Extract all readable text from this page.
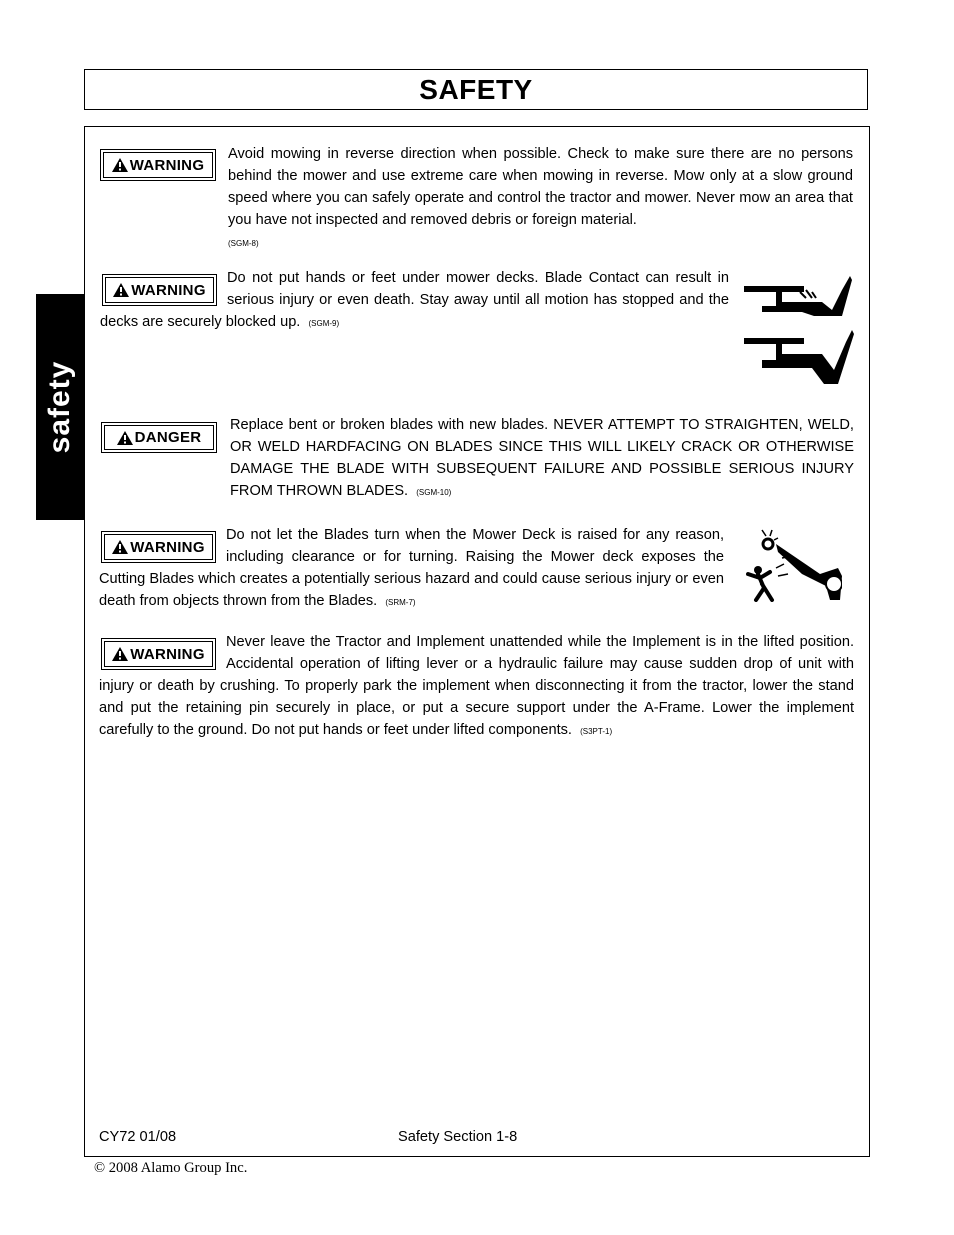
SAFETY
safety
WARNING
Avoid mowing in reverse direction when possible. Check to make sure there are no persons behind the mower and use extreme care when mowing in reverse. Mow only at a slow ground speed where you can safely operate and control the tractor and mower. Never mow an area that you have not inspected and removed debris or foreign material.
(SGM-8)
WARNING
Do not put hands or feet under mower decks. Blade Contact can result in serious injury or even death. Stay away until all motion has stopped and the decks are securely blocked up. (SGM-9)
DANGER
Replace bent or broken blades with new blades. NEVER ATTEMPT TO STRAIGHTEN, WELD, OR WELD HARDFACING ON BLADES SINCE THIS WILL LIKELY CRACK OR OTHERWISE DAMAGE THE BLADE WITH SUBSEQUENT FAILURE AND POSSIBLE SERIOUS INJURY FROM THROWN BLADES. (SGM-10)
WARNING
Do not let the Blades turn when the Mower Deck is raised for any reason, including clearance or for turning. Raising the Mower deck exposes the Cutting Blades which creates a potentially serious hazard and could cause serious injury or even death from objects thrown from the Blades. (SRM-7)
WARNING
Never leave the Tractor and Implement unattended while the Implement is in the lifted position. Accidental operation of lifting lever or a hydraulic failure may cause sudden drop of unit with injury or death by crushing. To properly park the implement when disconnecting it from the tractor, lower the stand and put the retaining pin securely in place, or put a secure support under the A-Frame. Lower the implement carefully to the ground. Do not put hands or feet under lifted components. (S3PT-1)
CY72 01/08	Safety Section 1-8
© 2008 Alamo Group Inc.
